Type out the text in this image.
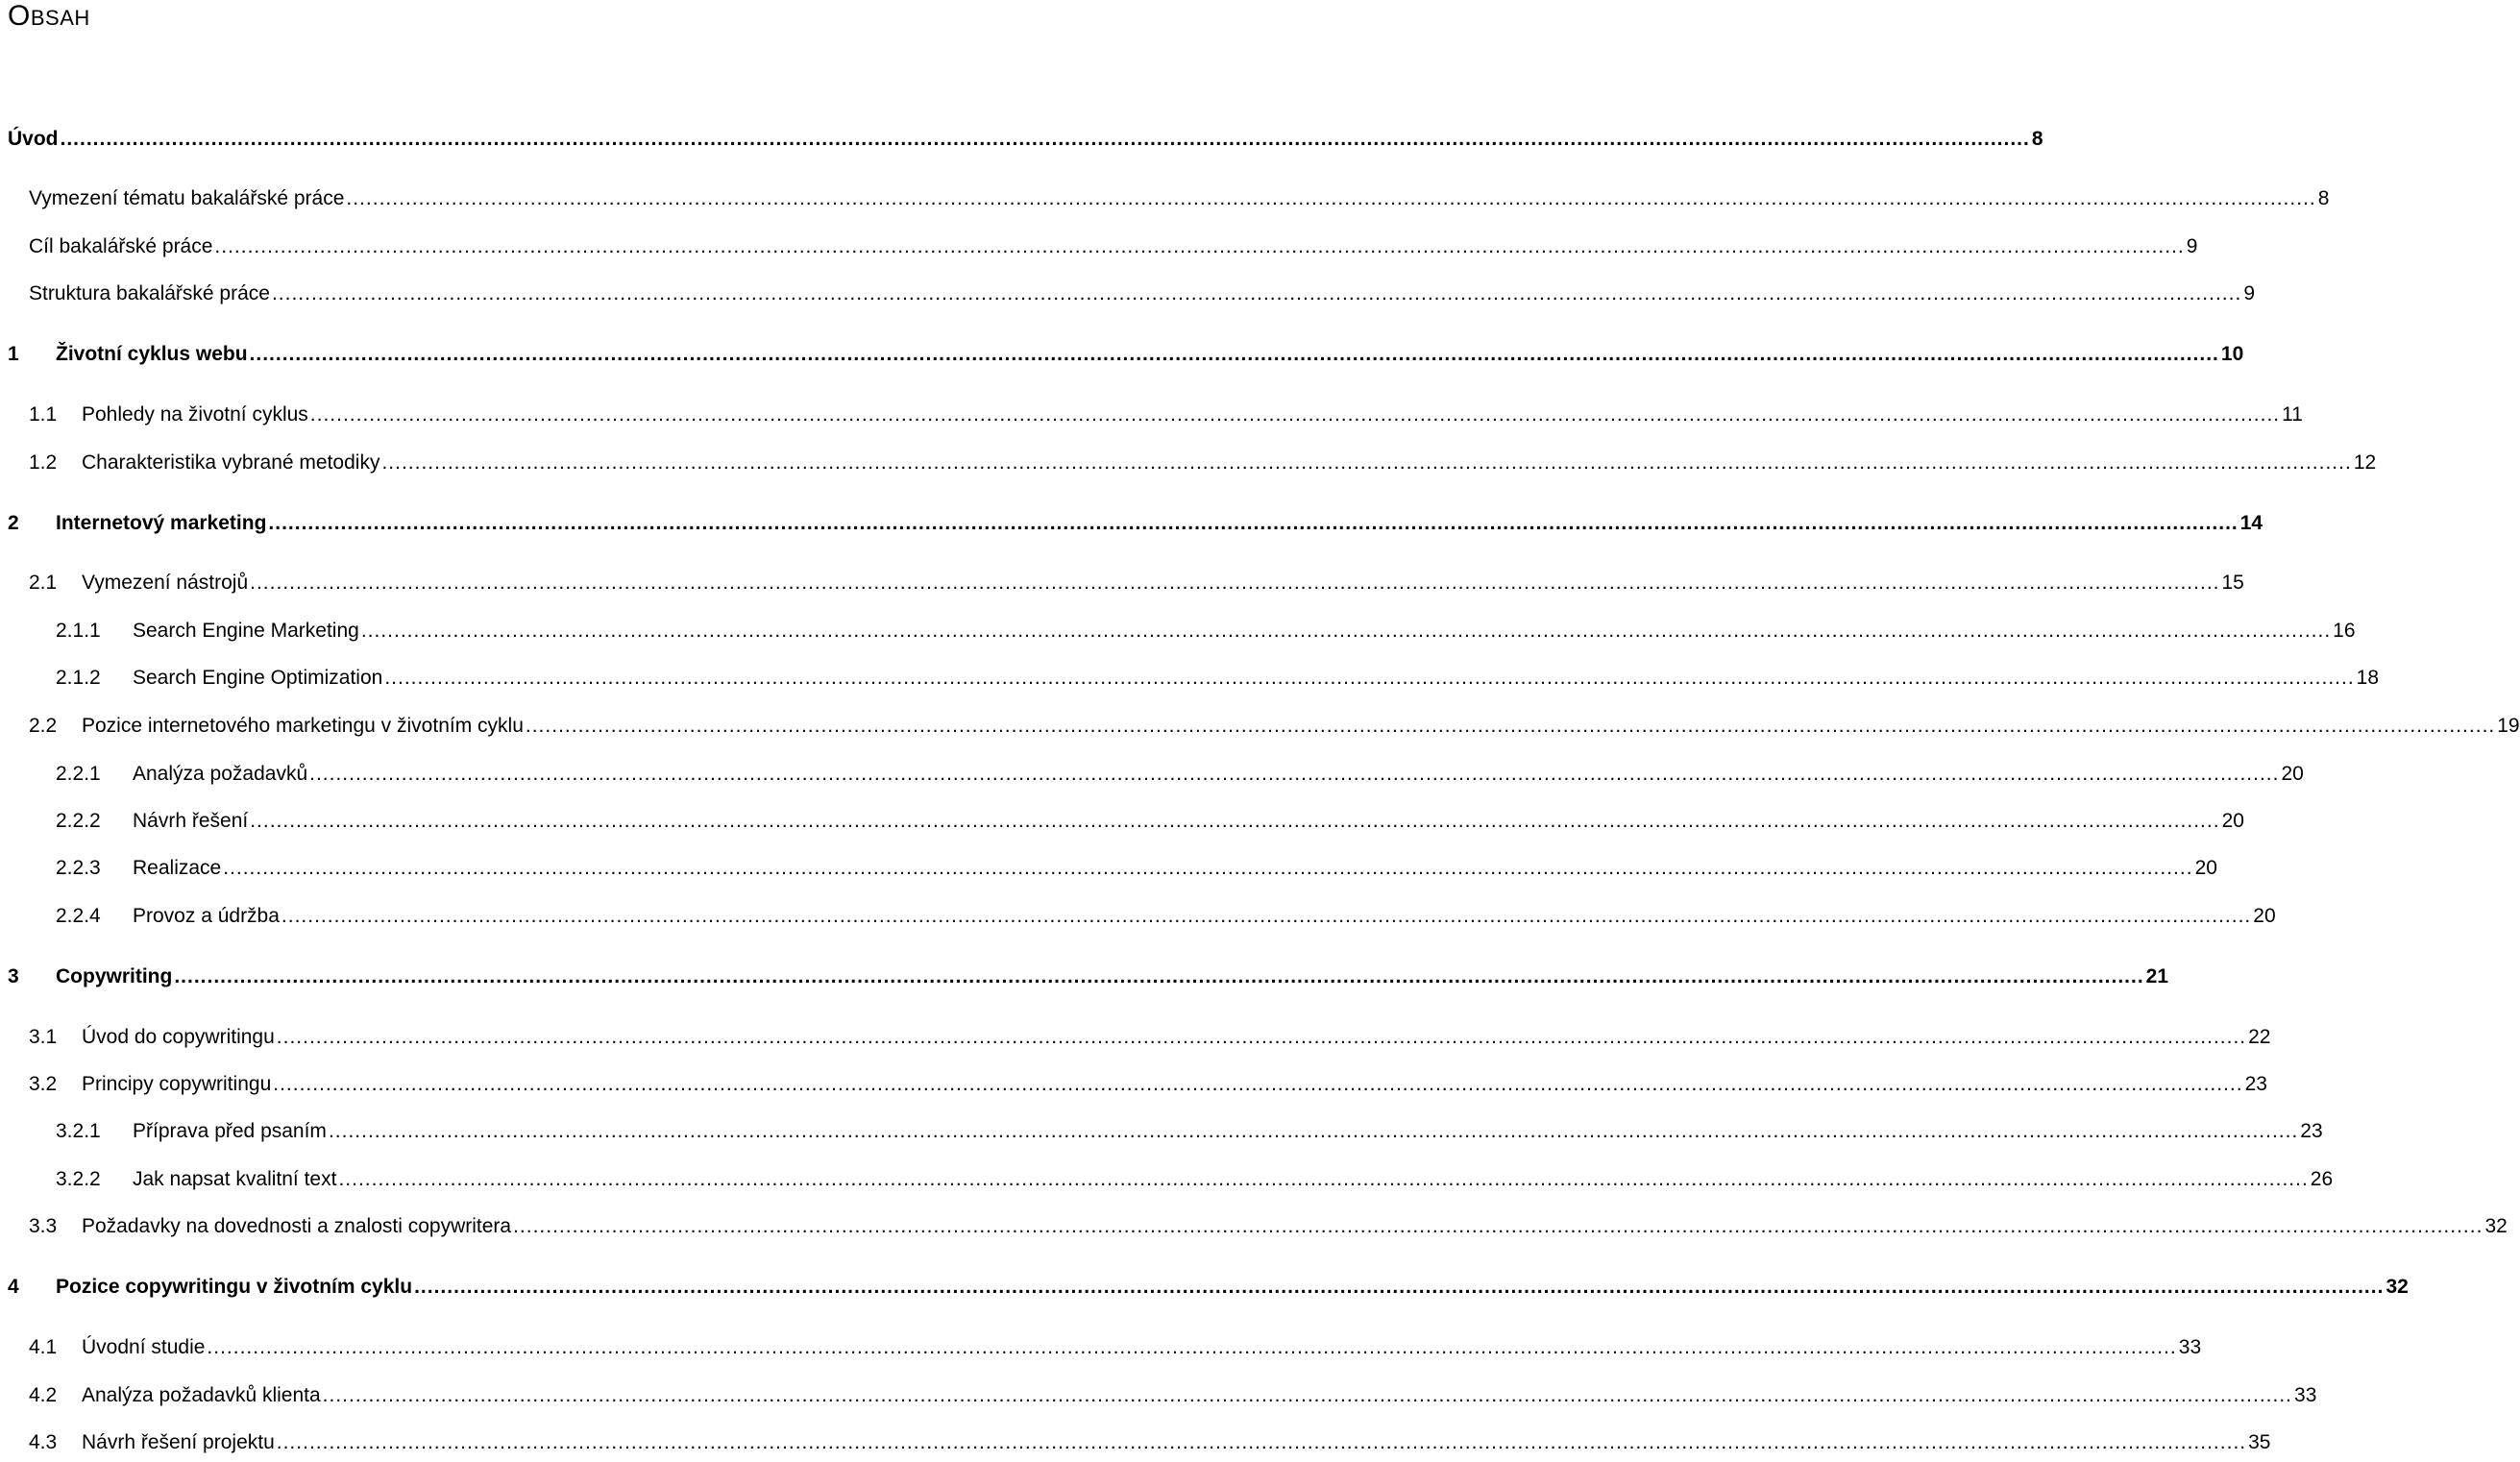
OBSAH
Úvod ............................................................................................................................................................................................................................................................................................................ 8
Vymezení tématu bakalářské práce ............................................................................................................................................................................................................................................................................................................ 8
Cíl bakalářské práce ............................................................................................................................................................................................................................................................................................................ 9
Struktura bakalářské práce ............................................................................................................................................................................................................................................................................................................ 9
1	Životní cyklus webu ............................................................................................................................................................................................................................................................................................................ 10
1.1	Pohledy na životní cyklus ............................................................................................................................................................................................................................................................................................................ 11
1.2	Charakteristika vybrané metodiky ............................................................................................................................................................................................................................................................................................................ 12
2	Internetový marketing ............................................................................................................................................................................................................................................................................................................ 14
2.1	Vymezení nástrojů ............................................................................................................................................................................................................................................................................................................ 15
2.1.1	Search Engine Marketing ............................................................................................................................................................................................................................................................................................................ 16
2.1.2	Search Engine Optimization ............................................................................................................................................................................................................................................................................................................ 18
2.2	Pozice internetového marketingu v životním cyklu ............................................................................................................................................................................................................................................................................................................ 19
2.2.1	Analýza požadavků ............................................................................................................................................................................................................................................................................................................ 20
2.2.2	Návrh řešení ............................................................................................................................................................................................................................................................................................................ 20
2.2.3	Realizace ............................................................................................................................................................................................................................................................................................................ 20
2.2.4	Provoz a údržba ............................................................................................................................................................................................................................................................................................................ 20
3	Copywriting ............................................................................................................................................................................................................................................................................................................ 21
3.1	Úvod do copywritingu ............................................................................................................................................................................................................................................................................................................ 22
3.2	Principy copywritingu ............................................................................................................................................................................................................................................................................................................ 23
3.2.1	Příprava před psaním ............................................................................................................................................................................................................................................................................................................ 23
3.2.2	Jak napsat kvalitní text ............................................................................................................................................................................................................................................................................................................ 26
3.3	Požadavky na dovednosti a znalosti copywritera ............................................................................................................................................................................................................................................................................................................ 32
4	Pozice copywritingu v životním cyklu ............................................................................................................................................................................................................................................................................................................ 32
4.1	Úvodní studie ............................................................................................................................................................................................................................................................................................................ 33
4.2	Analýza požadavků klienta ............................................................................................................................................................................................................................................................................................................ 33
4.3	Návrh řešení projektu ............................................................................................................................................................................................................................................................................................................ 35
